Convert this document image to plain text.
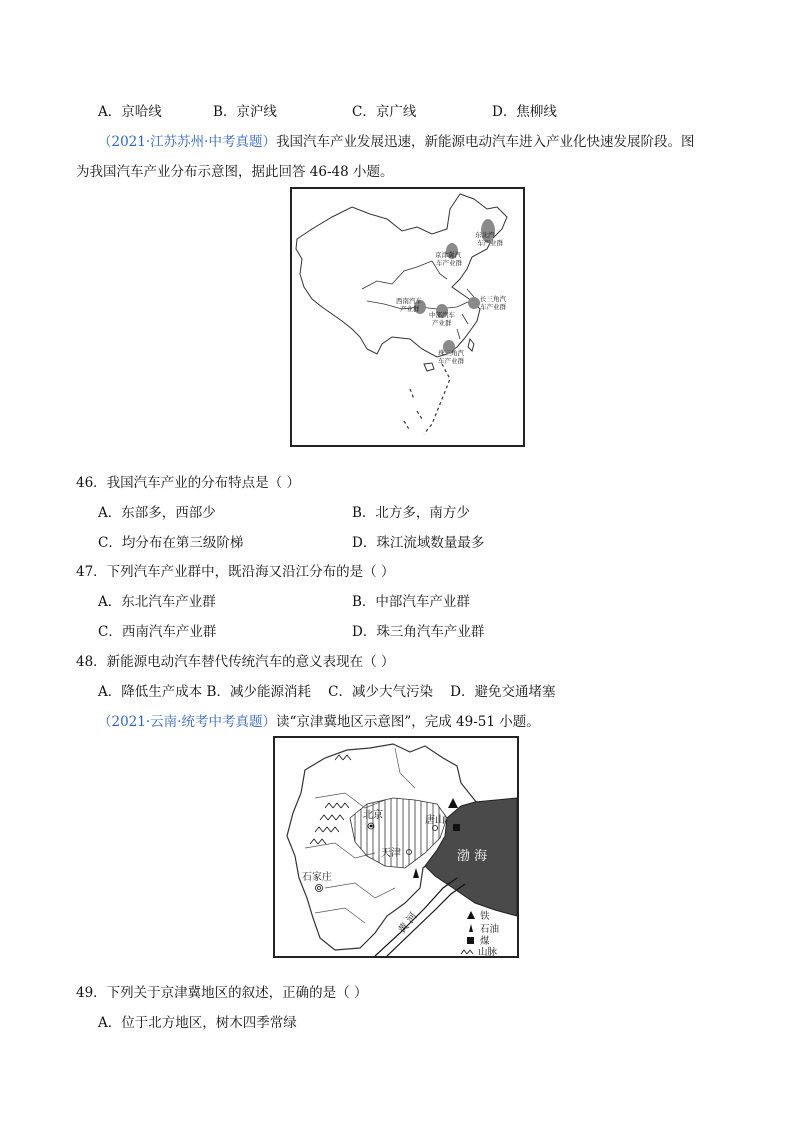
A．京哈线	B．京沪线	C．京广线	D．焦柳线
（2021·江苏苏州·中考真题）我国汽车产业发展迅速，新能源电动汽车进入产业化快速发展阶段。图
为我国汽车产业分布示意图，据此回答 46-48 小题。
东北汽
车产业群
京津冀汽
车产业群
西南汽车
产业群
中部汽车
产业群
长三角汽
车产业群
珠三角汽
车产业群
46．我国汽车产业的分布特点是（ ）
A．东部多，西部少	B．北方多，南方少
C．均分布在第三级阶梯	D．珠江流域数量最多
47．下列汽车产业群中，既沿海又沿江分布的是（ ）
A．东北汽车产业群	B．中部汽车产业群
C．西南汽车产业群	D．珠三角汽车产业群
48．新能源电动汽车替代传统汽车的意义表现在（ ）
A．降低生产成本 B．减少能源消耗    C．减少大气污染    D．避免交通堵塞
（2021·云南·统考中考真题）读“京津冀地区示意图”，完成 49-51 小题。
北京
天津
唐山
石家庄
渤 海
黄 河	铁
石油
煤
山脉
49．下列关于京津冀地区的叙述，正确的是（ ）
A．位于北方地区，树木四季常绿
